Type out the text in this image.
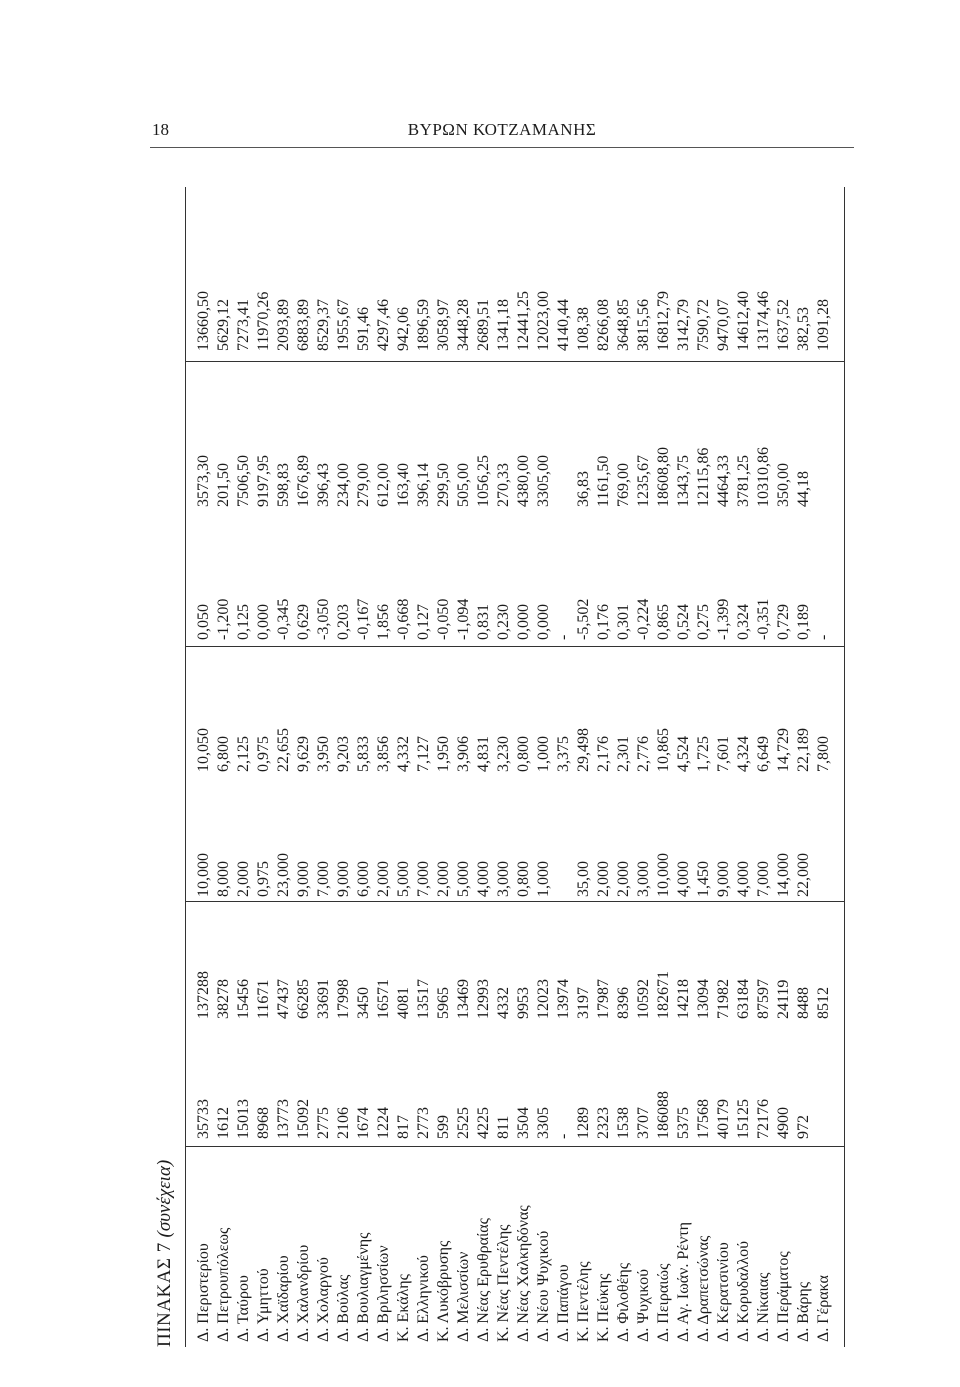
18	ΒΥΡΩΝ ΚΟΤΖΑΜΑΝΗΣ
ΠΙΝΑΚΑΣ 7 (συνέχεια)
Δ. Περιστερίου
35733
137288
10,000
10,050
0,050
3573,30
13660,50
Δ. Πετρουπόλεως
1612
38278
8,000
6,800
-1,200
201,50
5629,12
Δ. Ταύρου
15013
15456
2,000
2,125
0,125
7506,50
7273,41
Δ. Υμηττού
8968
11671
0,975
0,975
0,000
9197,95
11970,26
Δ. Χαϊδαρίου
13773
47437
23,000
22,655
-0,345
598,83
2093,89
Δ. Χαλανδρίου
15092
66285
9,000
9,629
0,629
1676,89
6883,89
Δ. Χολαργού
2775
33691
7,000
3,950
-3,050
396,43
8529,37
Δ. Βούλας
2106
17998
9,000
9,203
0,203
234,00
1955,67
Δ. Βουλιαγμένης
1674
3450
6,000
5,833
-0,167
279,00
591,46
Δ. Βριλησσίων
1224
16571
2,000
3,856
1,856
612,00
4297,46
Κ. Εκάλης
817
4081
5,000
4,332
-0,668
163,40
942,06
Δ. Ελληνικού
2773
13517
7,000
7,127
0,127
396,14
1896,59
Κ. Λυκόβρυσης
599
5965
2,000
1,950
-0,050
299,50
3058,97
Δ. Μελισσίων
2525
13469
5,000
3,906
-1,094
505,00
3448,28
Δ. Νέας Ερυθραίας
4225
12993
4,000
4,831
0,831
1056,25
2689,51
Κ. Νέας Πεντέλης
811
4332
3,000
3,230
0,230
270,33
1341,18
Δ. Νέας Χαλκηδόνας
3504
9953
0,800
0,800
0,000
4380,00
12441,25
Δ. Νέου Ψυχικού
3305
12023
1,000
1,000
0,000
3305,00
12023,00
Δ. Παπάγου
-
13974
3,375
-
4140,44
Κ. Πεντέλης
1289
3197
35,00
29,498
-5,502
36,83
108,38
Κ. Πεύκης
2323
17987
2,000
2,176
0,176
1161,50
8266,08
Δ. Φιλοθέης
1538
8396
2,000
2,301
0,301
769,00
3648,85
Δ. Ψυχικού
3707
10592
3,000
2,776
-0,224
1235,67
3815,56
Δ. Πειραιώς
186088
182671
10,000
10,865
0,865
18608,80
16812,79
Δ. Αγ. Ιωάν. Ρέντη
5375
14218
4,000
4,524
0,524
1343,75
3142,79
Δ. Δραπετσώνας
17568
13094
1,450
1,725
0,275
12115,86
7590,72
Δ. Κερατσινίου
40179
71982
9,000
7,601
-1,399
4464,33
9470,07
Δ. Κορυδαλλού
15125
63184
4,000
4,324
0,324
3781,25
14612,40
Δ. Νίκαιας
72176
87597
7,000
6,649
-0,351
10310,86
13174,46
Δ. Περάματος
4900
24119
14,000
14,729
0,729
350,00
1637,52
Δ. Βάρης
972
8488
22,000
22,189
0,189
44,18
382,53
Δ. Γέρακα
8512
7,800
-
1091,28
